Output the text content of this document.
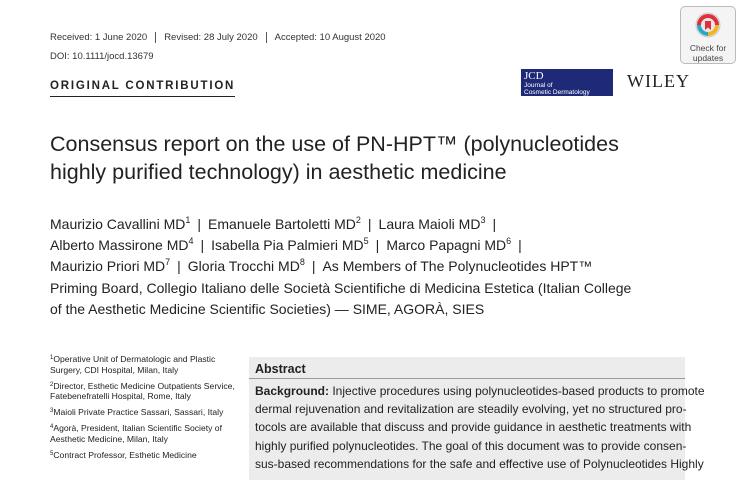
Received: 1 June 2020	Revised: 28 July 2020	Accepted: 10 August 2020
DOI: 10.1111/jocd.13679
Check for
updates
ORIGINAL CONTRIBUTION
JCD
Journal of
Cosmetic Dermatology
WILEY
Consensus report on the use of PN-HPT™ (polynucleotides
highly purified technology) in aesthetic medicine
Maurizio Cavallini $MD^1$ | Emanuele Bartoletti $MD^2$ | Laura Maioli $MD^3$ |
Alberto Massirone $MD^4$ | Isabella Pia Palmieri $MD^5$ | Marco Papagni $MD^6$ |
Maurizio Priori $MD^7$ | Gloria Trocchi $MD^8$ | As Members of The Polynucleotides HPT™
Priming Board, Collegio Italiano delle Società Scientifiche di Medicina Estetica (Italian College
of the Aesthetic Medicine Scientific Societies) — SIME, AGORÀ, SIES
$^1$Operative Unit of Dermatologic and Plastic Surgery, CDI Hospital, Milan, Italy
$^2$Director, Esthetic Medicine Outpatients Service, Fatebenefratelli Hospital, Rome, Italy
$^3$Maioli Private Practice Sassari, Sassari, Italy
$^4$Agorà, President, Italian Scientific Society of Aesthetic Medicine, Milan, Italy
$^5$Contract Professor, Esthetic Medicine
Abstract
Background: Injective procedures using polynucleotides-based products to promote
dermal rejuvenation and revitalization are steadily evolving, yet no structured pro-
tocols are available that discuss and provide guidance in aesthetic treatments with
highly purified polynucleotides. The goal of this document was to provide consen-
sus-based recommendations for the safe and effective use of Polynucleotides Highly
